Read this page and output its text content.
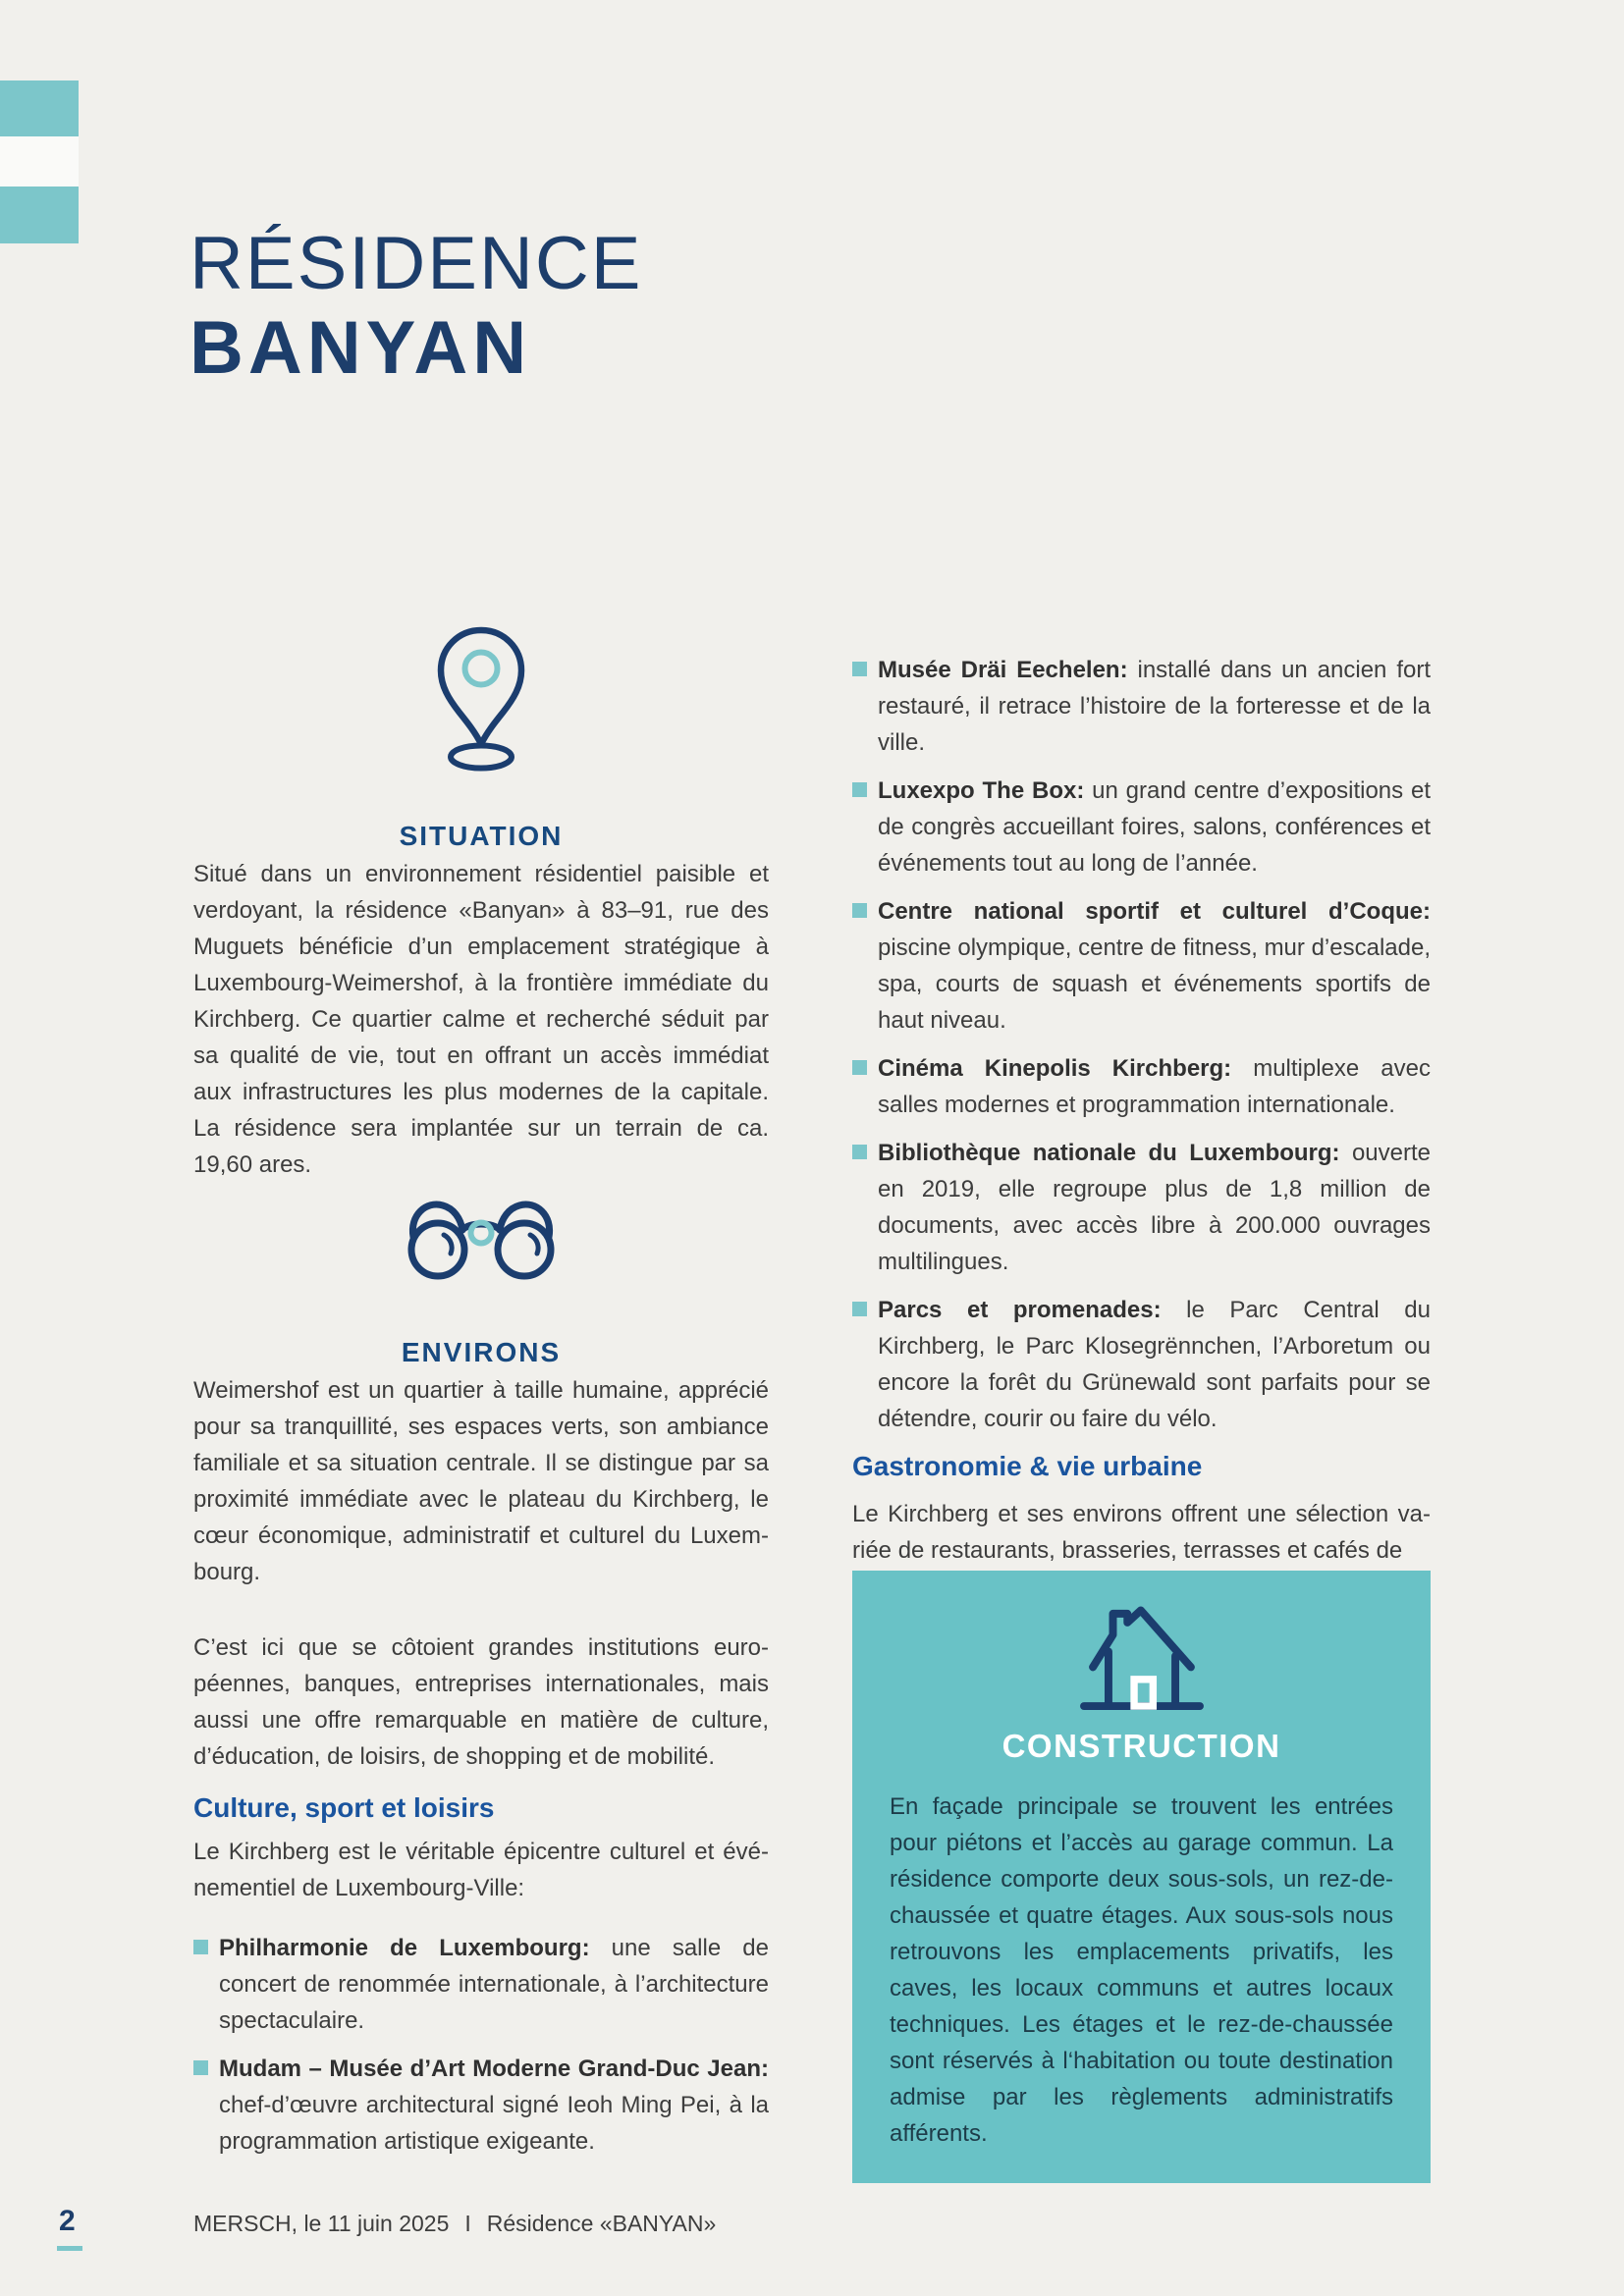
RÉSIDENCE
BANYAN
SITUATION
Situé dans un environnement résidentiel paisible et verdoyant, la résidence «Banyan» à 83–91, rue des Muguets bénéficie d’un emplacement stratégique à Luxembourg-Weimershof, à la frontière immédiate du Kirchberg. Ce quartier calme et recherché séduit par sa qualité de vie, tout en offrant un accès immédiat aux infrastructures les plus modernes de la capitale. La résidence sera implantée sur un terrain de ca. 19,60 ares.
ENVIRONS
Weimershof est un quartier à taille humaine, apprécié pour sa tranquillité, ses espaces verts, son ambiance familiale et sa situation centrale. Il se distingue par sa proximité immédiate avec le plateau du Kirchberg, le cœur économique, administratif et culturel du Luxembourg.
C’est ici que se côtoient grandes institutions européennes, banques, entreprises internationales, mais aussi une offre remarquable en matière de culture, d’éducation, de loisirs, de shopping et de mobilité.
Culture, sport et loisirs
Le Kirchberg est le véritable épicentre culturel et événementiel de Luxembourg-Ville:
Philharmonie de Luxembourg: une salle de concert de renommée internationale, à l’architecture spectaculaire.
Mudam – Musée d’Art Moderne Grand-Duc Jean: chef-d’œuvre architectural signé Ieoh Ming Pei, à la programmation artistique exigeante.
Musée Dräi Eechelen: installé dans un ancien fort restauré, il retrace l’histoire de la forteresse et de la ville.
Luxexpo The Box: un grand centre d’expositions et de congrès accueillant foires, salons, conférences et événements tout au long de l’année.
Centre national sportif et culturel d’Coque: piscine olympique, centre de fitness, mur d’escalade, spa, courts de squash et événements sportifs de haut niveau.
Cinéma Kinepolis Kirchberg: multiplexe avec salles modernes et programmation internationale.
Bibliothèque nationale du Luxembourg: ouverte en 2019, elle regroupe plus de 1,8 million de documents, avec accès libre à 200.000 ouvrages multilingues.
Parcs et promenades: le Parc Central du Kirchberg, le Parc Klosegrënnchen, l’Arboretum ou encore la forêt du Grünewald sont parfaits pour se détendre, courir ou faire du vélo.
Gastronomie & vie urbaine
Le Kirchberg et ses environs offrent une sélection variée de restaurants, brasseries, terrasses et cafés de
CONSTRUCTION
En façade principale se trouvent les entrées pour piétons et l’accès au garage commun. La résidence comporte deux sous-sols, un rez-de-chaussée et quatre étages. Aux sous-sols nous retrouvons les emplacements privatifs, les caves, les locaux communs et autres locaux techniques. Les étages et le rez-de-chaussée sont réservés à l‘habitation ou toute destination admise par les règlements administratifs afférents.
2	MERSCH, le 11 juin 2025 I Résidence «BANYAN»
